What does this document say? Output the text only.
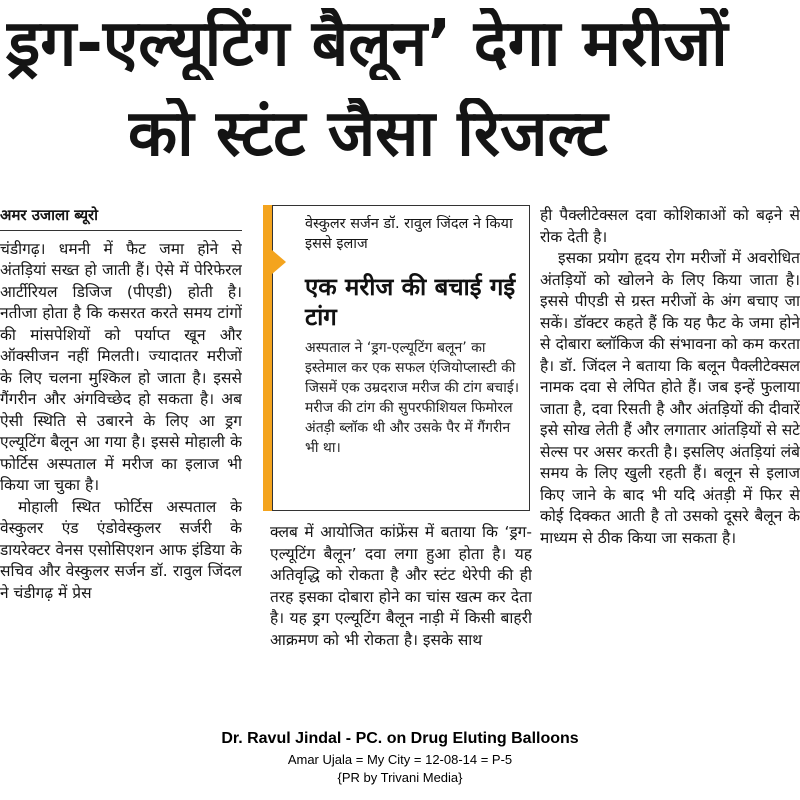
ड्रग-एल्यूटिंग बैलून’ देगा मरीजों
को स्टंट जैसा रिजल्ट

अमर उजाला ब्यूरो

चंडीगढ़। धमनी में फैट जमा होने से अंतड़ियां सख्त हो जाती हैं। ऐसे में पेरिफेरल आर्टीरियल डिजिज (पीएडी) होती है। नतीजा होता है कि कसरत करते समय टांगों की मांसपेशियों को पर्याप्त खून और ऑक्सीजन नहीं मिलती। ज्यादातर मरीजों के लिए चलना मुश्किल हो जाता है। इससे गैंगरीन और अंगविच्छेद हो सकता है। अब ऐसी स्थिति से उबारने के लिए आ ड्रग एल्यूटिंग बैलून आ गया है। इससे मोहाली के फोर्टिस अस्पताल में मरीज का इलाज भी किया जा चुका है।

मोहाली स्थित फोर्टिस अस्पताल के वेस्कुलर एंड एंडोवेस्कुलर सर्जरी के डायरेक्टर वेनस एसोसिएशन आफ इंडिया के सचिव और वेस्कुलर सर्जन डॉ. रावुल जिंदल ने चंडीगढ़ में प्रेस

वेस्कुलर सर्जन डॉ. रावुल जिंदल ने किया इससे इलाज
एक मरीज की बचाई गई टांग
अस्पताल ने ‘ड्रग-एल्यूटिंग बलून’ का इस्तेमाल कर एक सफल एंजियोप्लास्टी की जिसमें एक उम्रदराज मरीज की टांग बचाई। मरीज की टांग की सुपरफीशियल फिमोरल अंतड़ी ब्लॉक थी और उसके पैर में गैंगरीन भी था।

क्लब में आयोजित कांफ्रेंस में बताया कि ‘ड्रग-एल्यूटिंग बैलून’ दवा लगा हुआ होता है। यह अतिवृद्धि को रोकता है और स्टंट थेरेपी की ही तरह इसका दोबारा होने का चांस खत्म कर देता है। यह ड्रग एल्यूटिंग बैलून नाड़ी में किसी बाहरी आक्रमण को भी रोकता है। इसके साथ

ही पैक्लीटेक्सल दवा कोशिकाओं को बढ़ने से रोक देती है।

इसका प्रयोग हृदय रोग मरीजों में अवरोधित अंतड़ियों को खोलने के लिए किया जाता है। इससे पीएडी से ग्रस्त मरीजों के अंग बचाए जा सकें। डॉक्टर कहते हैं कि यह फैट के जमा होने से दोबारा ब्लॉकिज की संभावना को कम करता है। डॉ. जिंदल ने बताया कि बलून पैक्लीटेक्सल नामक दवा से लेपित होते हैं। जब इन्हें फुलाया जाता है, दवा रिसती है और अंतड़ियों की दीवारें इसे सोख लेती हैं और लगातार आंतड़ियों से सटे सेल्स पर असर करती है। इसलिए अंतड़ियां लंबे समय के लिए खुली रहती हैं। बलून से इलाज किए जाने के बाद भी यदि अंतड़ी में फिर से कोई दिक्कत आती है तो उसको दूसरे बैलून के माध्यम से ठीक किया जा सकता है।

Dr. Ravul Jindal - PC. on Drug Eluting Balloons
Amar Ujala = My City = 12-08-14 = P-5
{PR by Trivani Media}
